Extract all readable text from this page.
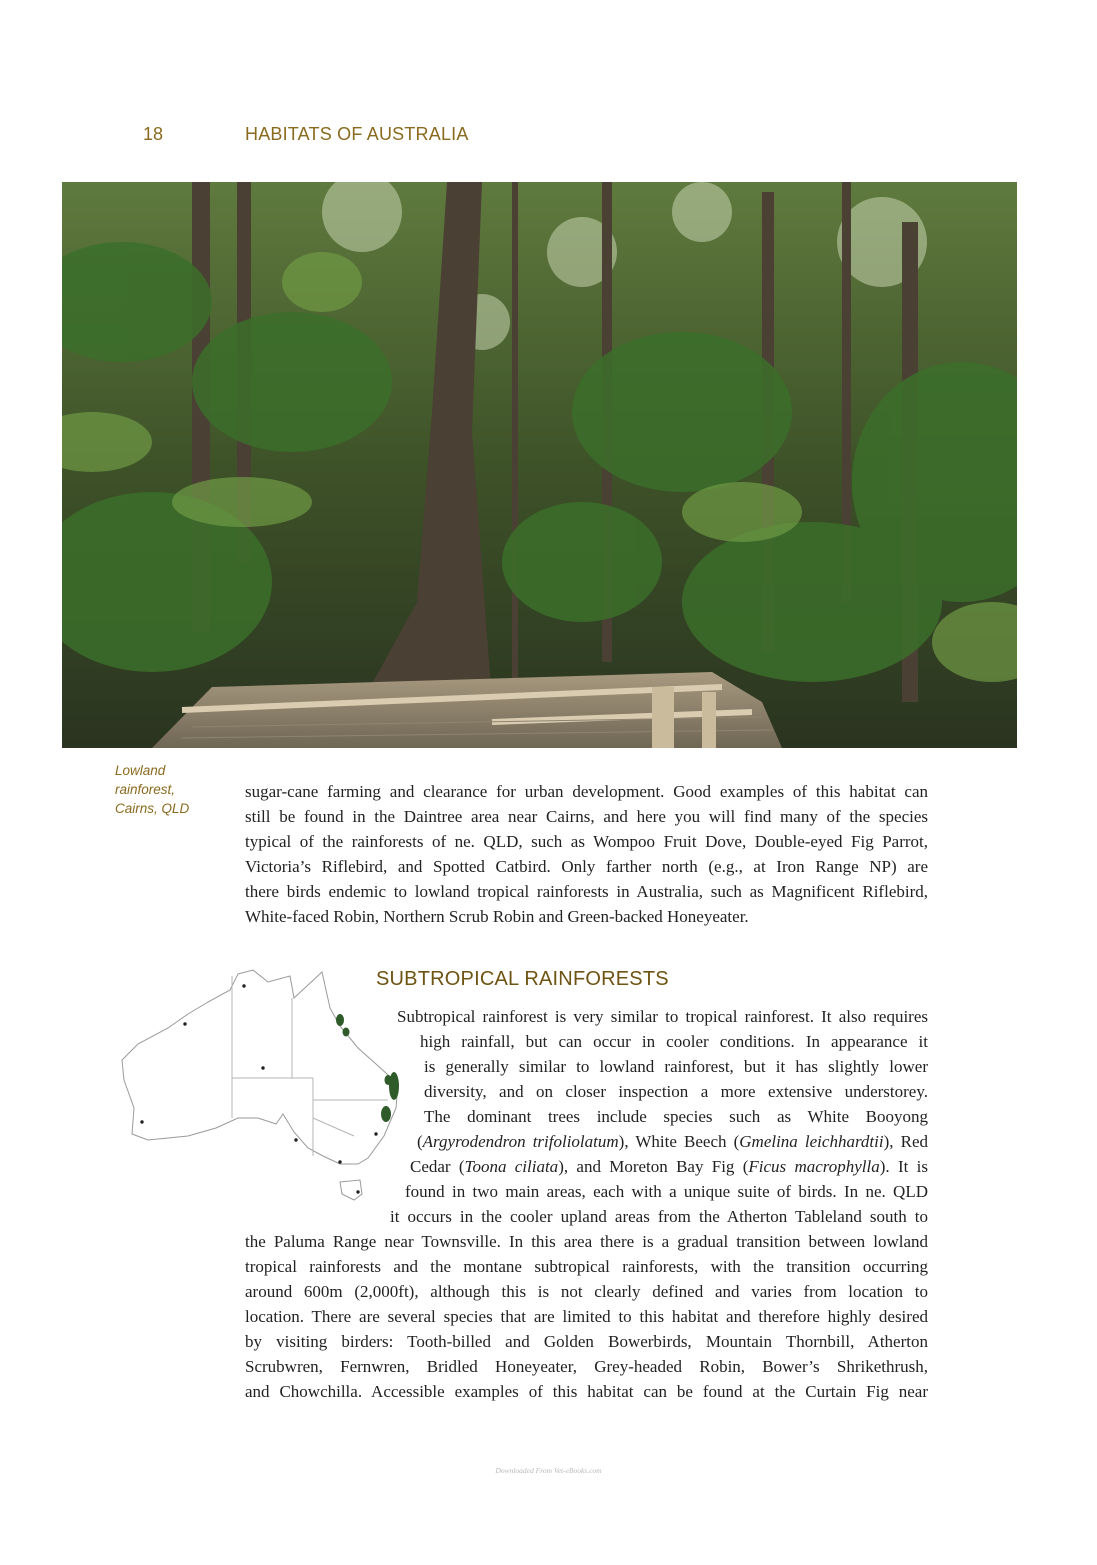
18	HABITATS OF AUSTRALIA
Lowland
rainforest,
Cairns, QLD
sugar-cane farming and clearance for urban development. Good examples of this habitat can
still be found in the Daintree area near Cairns, and here you will find many of the species
typical of the rainforests of ne. QLD, such as Wompoo Fruit Dove, Double-eyed Fig Parrot,
Victoria’s Riflebird, and Spotted Catbird. Only farther north (e.g., at Iron Range NP) are
there birds endemic to lowland tropical rainforests in Australia, such as Magnificent Riflebird,
White-faced Robin, Northern Scrub Robin and Green-backed Honeyeater.
SUBTROPICAL RAINFORESTS
Subtropical rainforest is very similar to tropical rainforest. It also requires
high rainfall, but can occur in cooler conditions. In appearance it
is generally similar to lowland rainforest, but it has slightly lower
diversity, and on closer inspection a more extensive understorey.
The dominant trees include species such as White Booyong
(Argyrodendron trifoliolatum), White Beech (Gmelina leichhardtii), Red
Cedar (Toona ciliata), and Moreton Bay Fig (Ficus macrophylla). It is
found in two main areas, each with a unique suite of birds. In ne. QLD
it occurs in the cooler upland areas from the Atherton Tableland south to
the Paluma Range near Townsville. In this area there is a gradual transition between lowland
tropical rainforests and the montane subtropical rainforests, with the transition occurring
around 600m (2,000ft), although this is not clearly defined and varies from location to
location. There are several species that are limited to this habitat and therefore highly desired
by visiting birders: Tooth-billed and Golden Bowerbirds, Mountain Thornbill, Atherton
Scrubwren, Fernwren, Bridled Honeyeater, Grey-headed Robin, Bower’s Shrikethrush,
and Chowchilla. Accessible examples of this habitat can be found at the Curtain Fig near
Downloaded From Vet-eBooks.com
